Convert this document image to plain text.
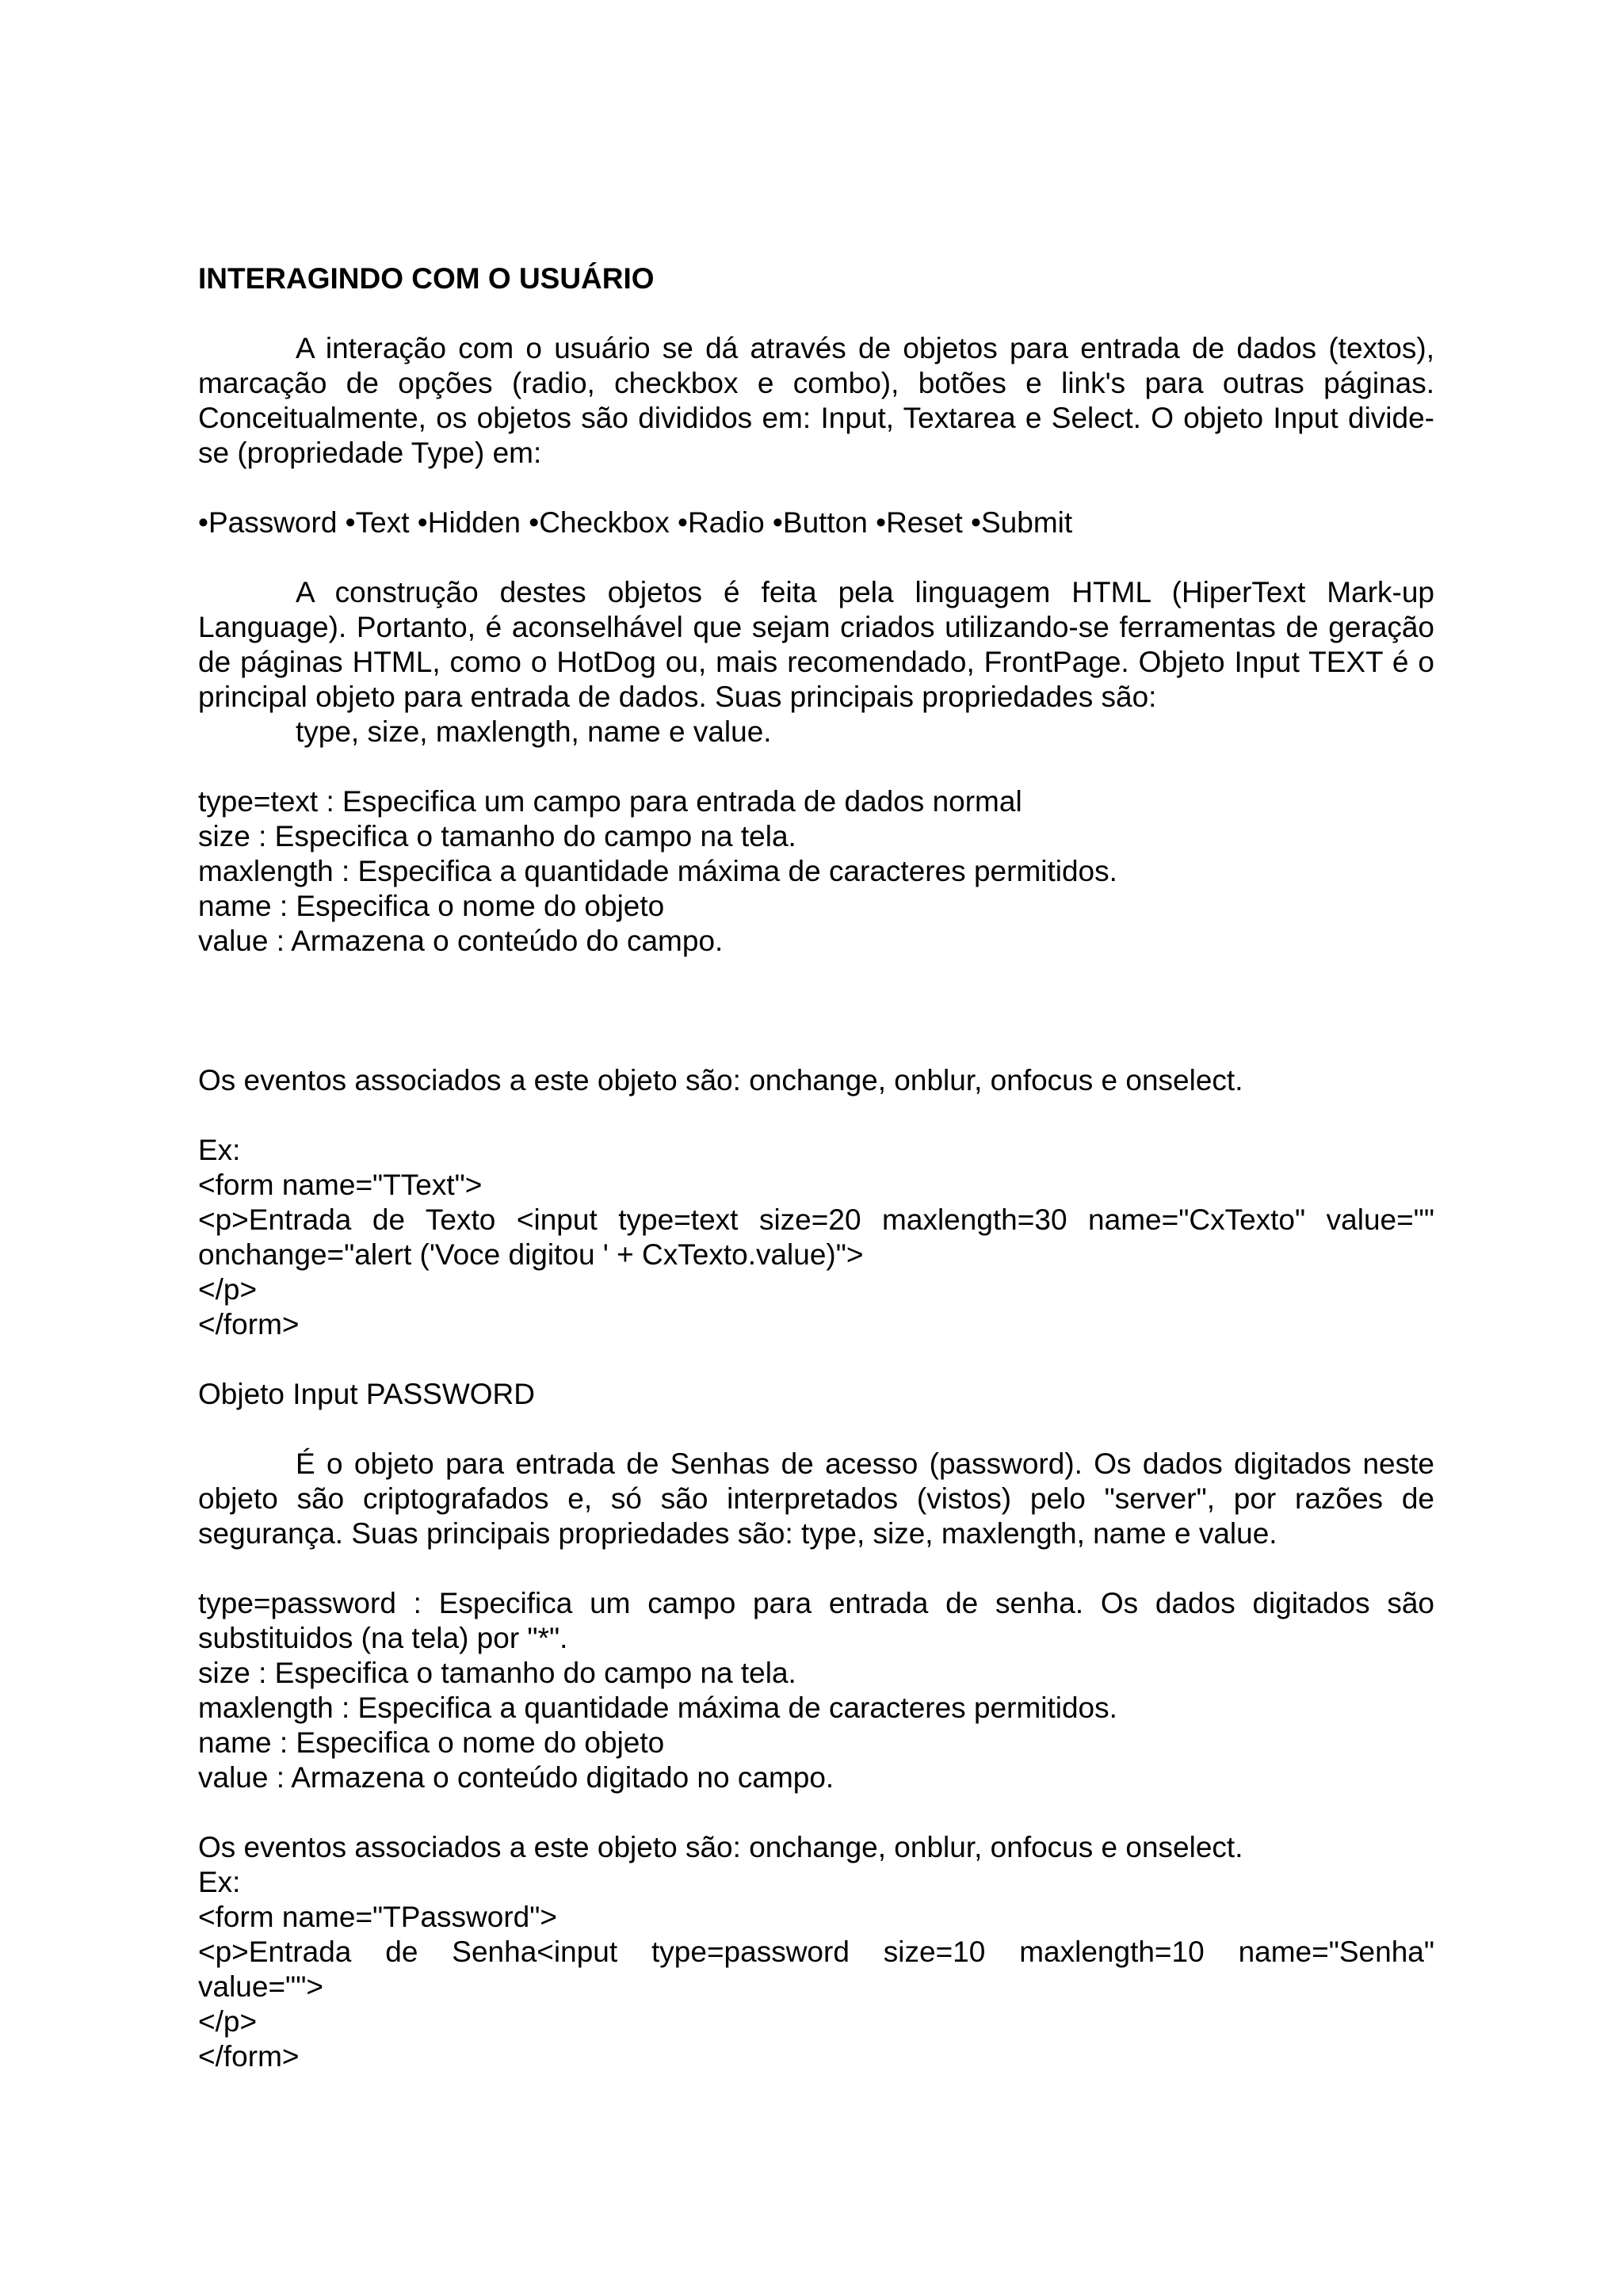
INTERAGINDO COM O USUÁRIO

A interação com o usuário se dá através de objetos para entrada de dados (textos), marcação de opções (radio, checkbox e combo), botões e link's para outras páginas. Conceitualmente, os objetos são divididos em: Input, Textarea e Select. O objeto Input divide-se (propriedade Type) em:

•Password •Text •Hidden •Checkbox •Radio •Button •Reset •Submit

A construção destes objetos é feita pela linguagem HTML (HiperText Mark-up Language). Portanto, é aconselhável que sejam criados utilizando-se ferramentas de geração de páginas HTML, como o HotDog ou, mais recomendado, FrontPage. Objeto Input TEXT é o principal objeto para entrada de dados. Suas principais propriedades são:

type, size, maxlength, name e value.

type=text : Especifica um campo para entrada de dados normal

size : Especifica o tamanho do campo na tela.

maxlength : Especifica a quantidade máxima de caracteres permitidos.

name : Especifica o nome do objeto

value : Armazena o conteúdo do campo.

Os eventos associados a este objeto são: onchange, onblur, onfocus e onselect.

Ex:

<form name="TText">

<p>Entrada de Texto <input type=text size=20 maxlength=30 name="CxTexto" value=""

onchange="alert ('Voce digitou ' + CxTexto.value)">

</p>

</form>

Objeto Input PASSWORD

É o objeto para entrada de Senhas de acesso (password). Os dados digitados neste objeto são criptografados e, só são interpretados (vistos) pelo "server", por razões de segurança. Suas principais propriedades são: type, size, maxlength, name e value.

type=password : Especifica um campo para entrada de senha. Os dados digitados são substituidos (na tela) por "*".

size : Especifica o tamanho do campo na tela.

maxlength : Especifica a quantidade máxima de caracteres permitidos.

name : Especifica o nome do objeto

value : Armazena o conteúdo digitado no campo.

Os eventos associados a este objeto são: onchange, onblur, onfocus e onselect.

Ex:

<form name="TPassword">

<p>Entrada de Senha<input type=password size=10 maxlength=10 name="Senha"

value="">

</p>

</form>
